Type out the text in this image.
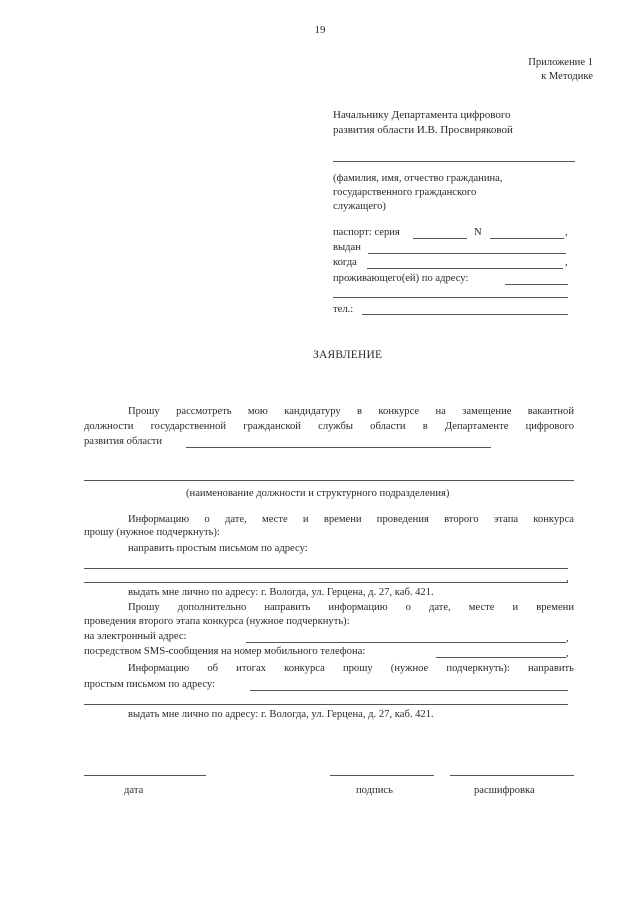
19
Приложение 1
к Методике
Начальнику Департамента цифрового
развития области И.В. Просвиряковой
(фамилия, имя, отчество гражданина,
государственного гражданского
служащего)
паспорт: серия	N	,
выдан
когда	,
проживающего(ей) по адресу:
тел.:
ЗАЯВЛЕНИЕ
Прошу рассмотреть мою кандидатуру в конкурсе на замещение вакантной
должности государственной гражданской службы области в Департаменте цифрового
развития области
(наименование должности и структурного подразделения)
Информацию о дате, месте и времени проведения второго этапа конкурса
прошу (нужное подчеркнуть):
направить простым письмом по адресу:
,
выдать мне лично по адресу: г. Вологда, ул. Герцена, д. 27, каб. 421.
Прошу дополнительно направить информацию о дате, месте и времени
проведения второго этапа конкурса (нужное подчеркнуть):
на электронный адрес:	,
посредством SMS-сообщения на номер мобильного телефона:	,
Информацию об итогах конкурса прошу (нужное подчеркнуть): направить
простым письмом по адресу:
выдать мне лично по адресу: г. Вологда, ул. Герцена, д. 27, каб. 421.
дата	подпись	расшифровка
